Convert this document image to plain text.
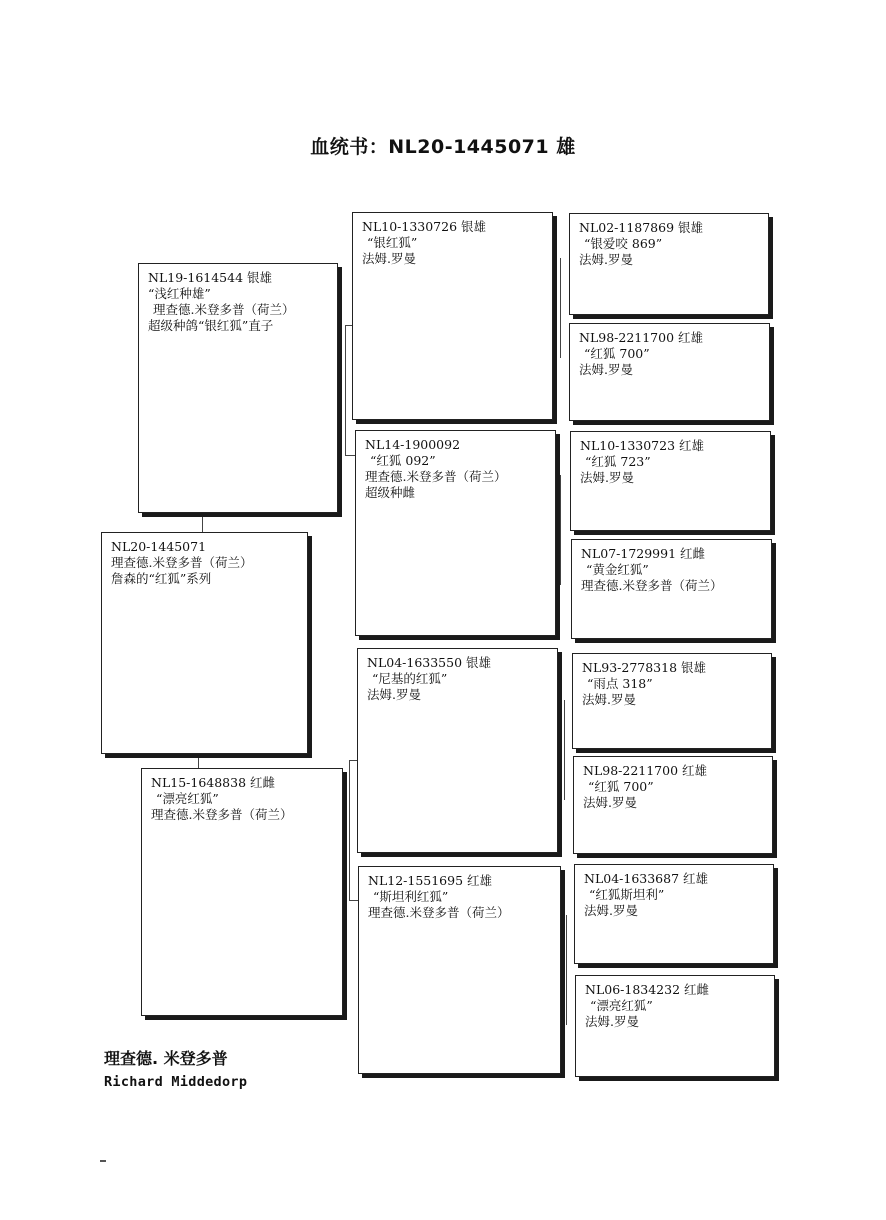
血统书：NL20-1445071 雄
NL20-1445071
理查德.米登多普（荷兰）
詹森的“红狐”系列
NL19-1614544 银雄
“浅红种雄”
理查德.米登多普（荷兰）
超级种鸽“银红狐”直子
NL15-1648838 红雌
“漂亮红狐”
理查德.米登多普（荷兰）
NL10-1330726 银雄
“银红狐”
法姆.罗曼
NL14-1900092
“红狐 092”
理查德.米登多普（荷兰）
超级种雌
NL04-1633550 银雄
“尼基的红狐”
法姆.罗曼
NL12-1551695 红雄
“斯坦利红狐”
理查德.米登多普（荷兰）
NL02-1187869 银雄
“银爱咬 869”
法姆.罗曼
NL98-2211700 红雄
“红狐 700”
法姆.罗曼
NL10-1330723 红雄
“红狐 723”
法姆.罗曼
NL07-1729991 红雌
“黄金红狐”
理查德.米登多普（荷兰）
NL93-2778318 银雄
“雨点 318”
法姆.罗曼
NL98-2211700 红雄
“红狐 700”
法姆.罗曼
NL04-1633687 红雄
“红狐斯坦利”
法姆.罗曼
NL06-1834232 红雌
“漂亮红狐”
法姆.罗曼
理查德. 米登多普
Richard Middedorp
